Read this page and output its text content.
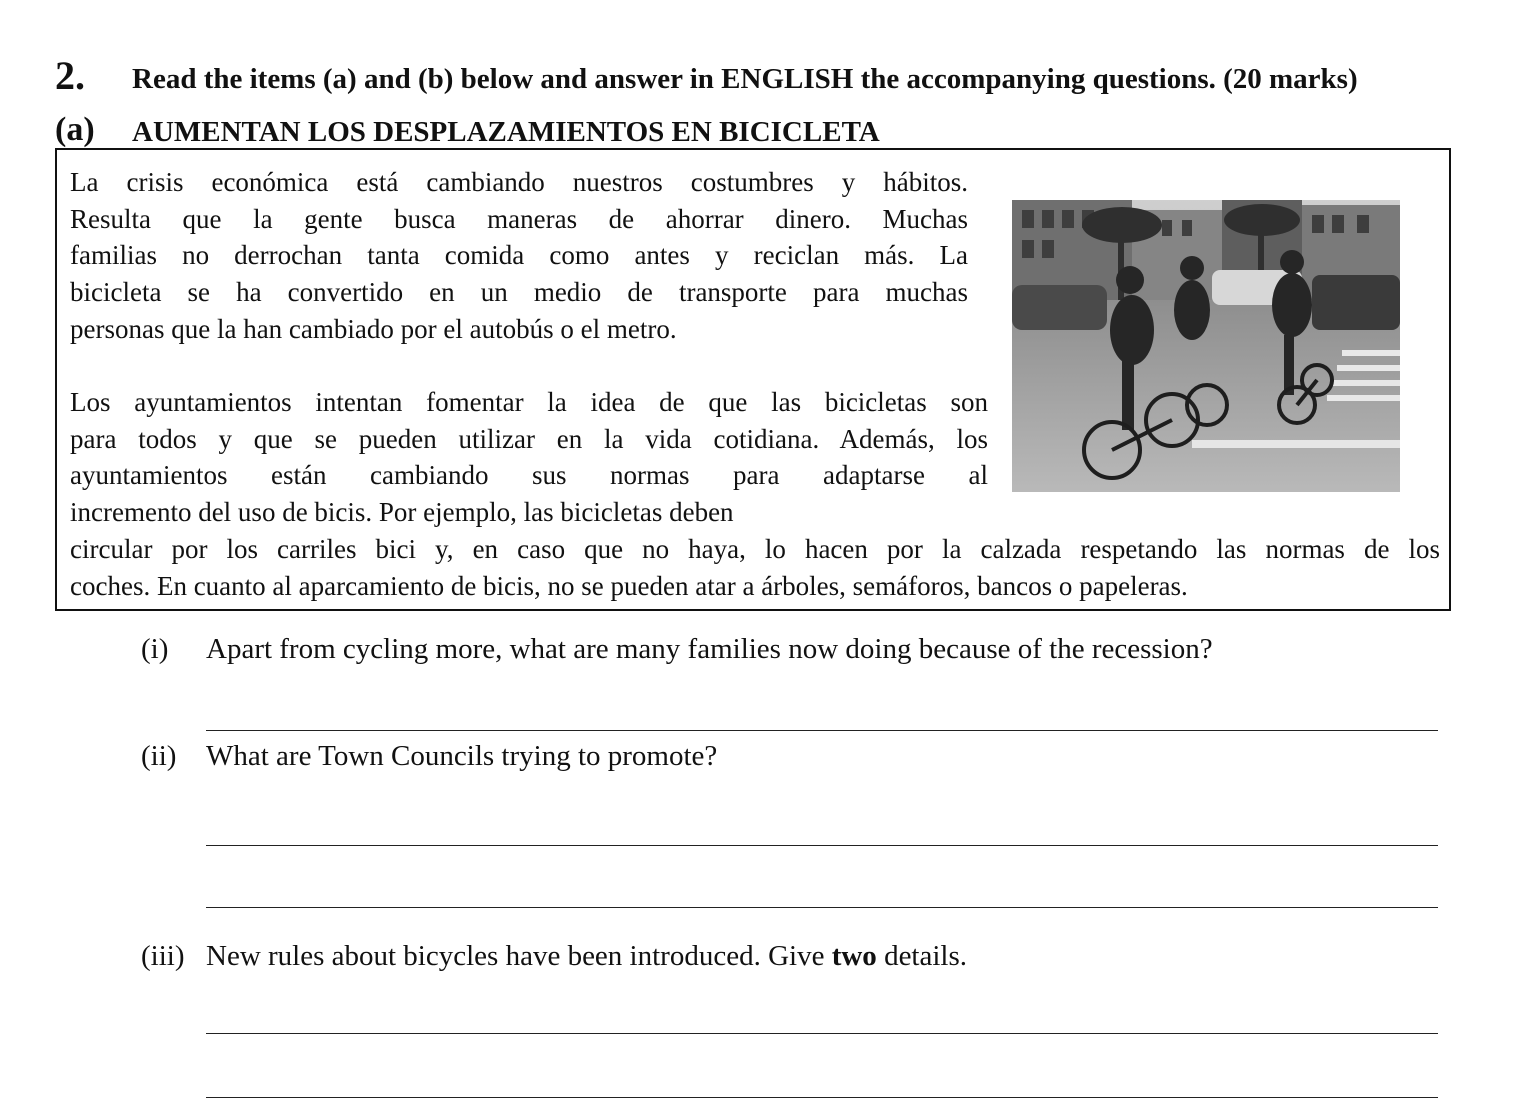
2. Read the items (a) and (b) below and answer in ENGLISH the accompanying questions. (20 marks)
(a) AUMENTAN LOS DESPLAZAMIENTOS EN BICICLETA
La crisis económica está cambiando nuestros costumbres y hábitos.
Resulta que la gente busca maneras de ahorrar dinero. Muchas
familias no derrochan tanta comida como antes y reciclan más. La
bicicleta se ha convertido en un medio de transporte para muchas
personas que la han cambiado por el autobús o el metro.
Los ayuntamientos intentan fomentar la idea de que las bicicletas son
para todos y que se pueden utilizar en la vida cotidiana. Además, los
ayuntamientos están cambiando sus normas para adaptarse al
incremento del uso de bicis. Por ejemplo, las bicicletas deben
circular por los carriles bici y, en caso que no haya, lo hacen por la calzada respetando las normas de los
coches. En cuanto al aparcamiento de bicis, no se pueden atar a árboles, semáforos, bancos o papeleras.
(i) Apart from cycling more, what are many families now doing because of the recession?
(ii) What are Town Councils trying to promote?
(iii) New rules about bicycles have been introduced. Give two details.
